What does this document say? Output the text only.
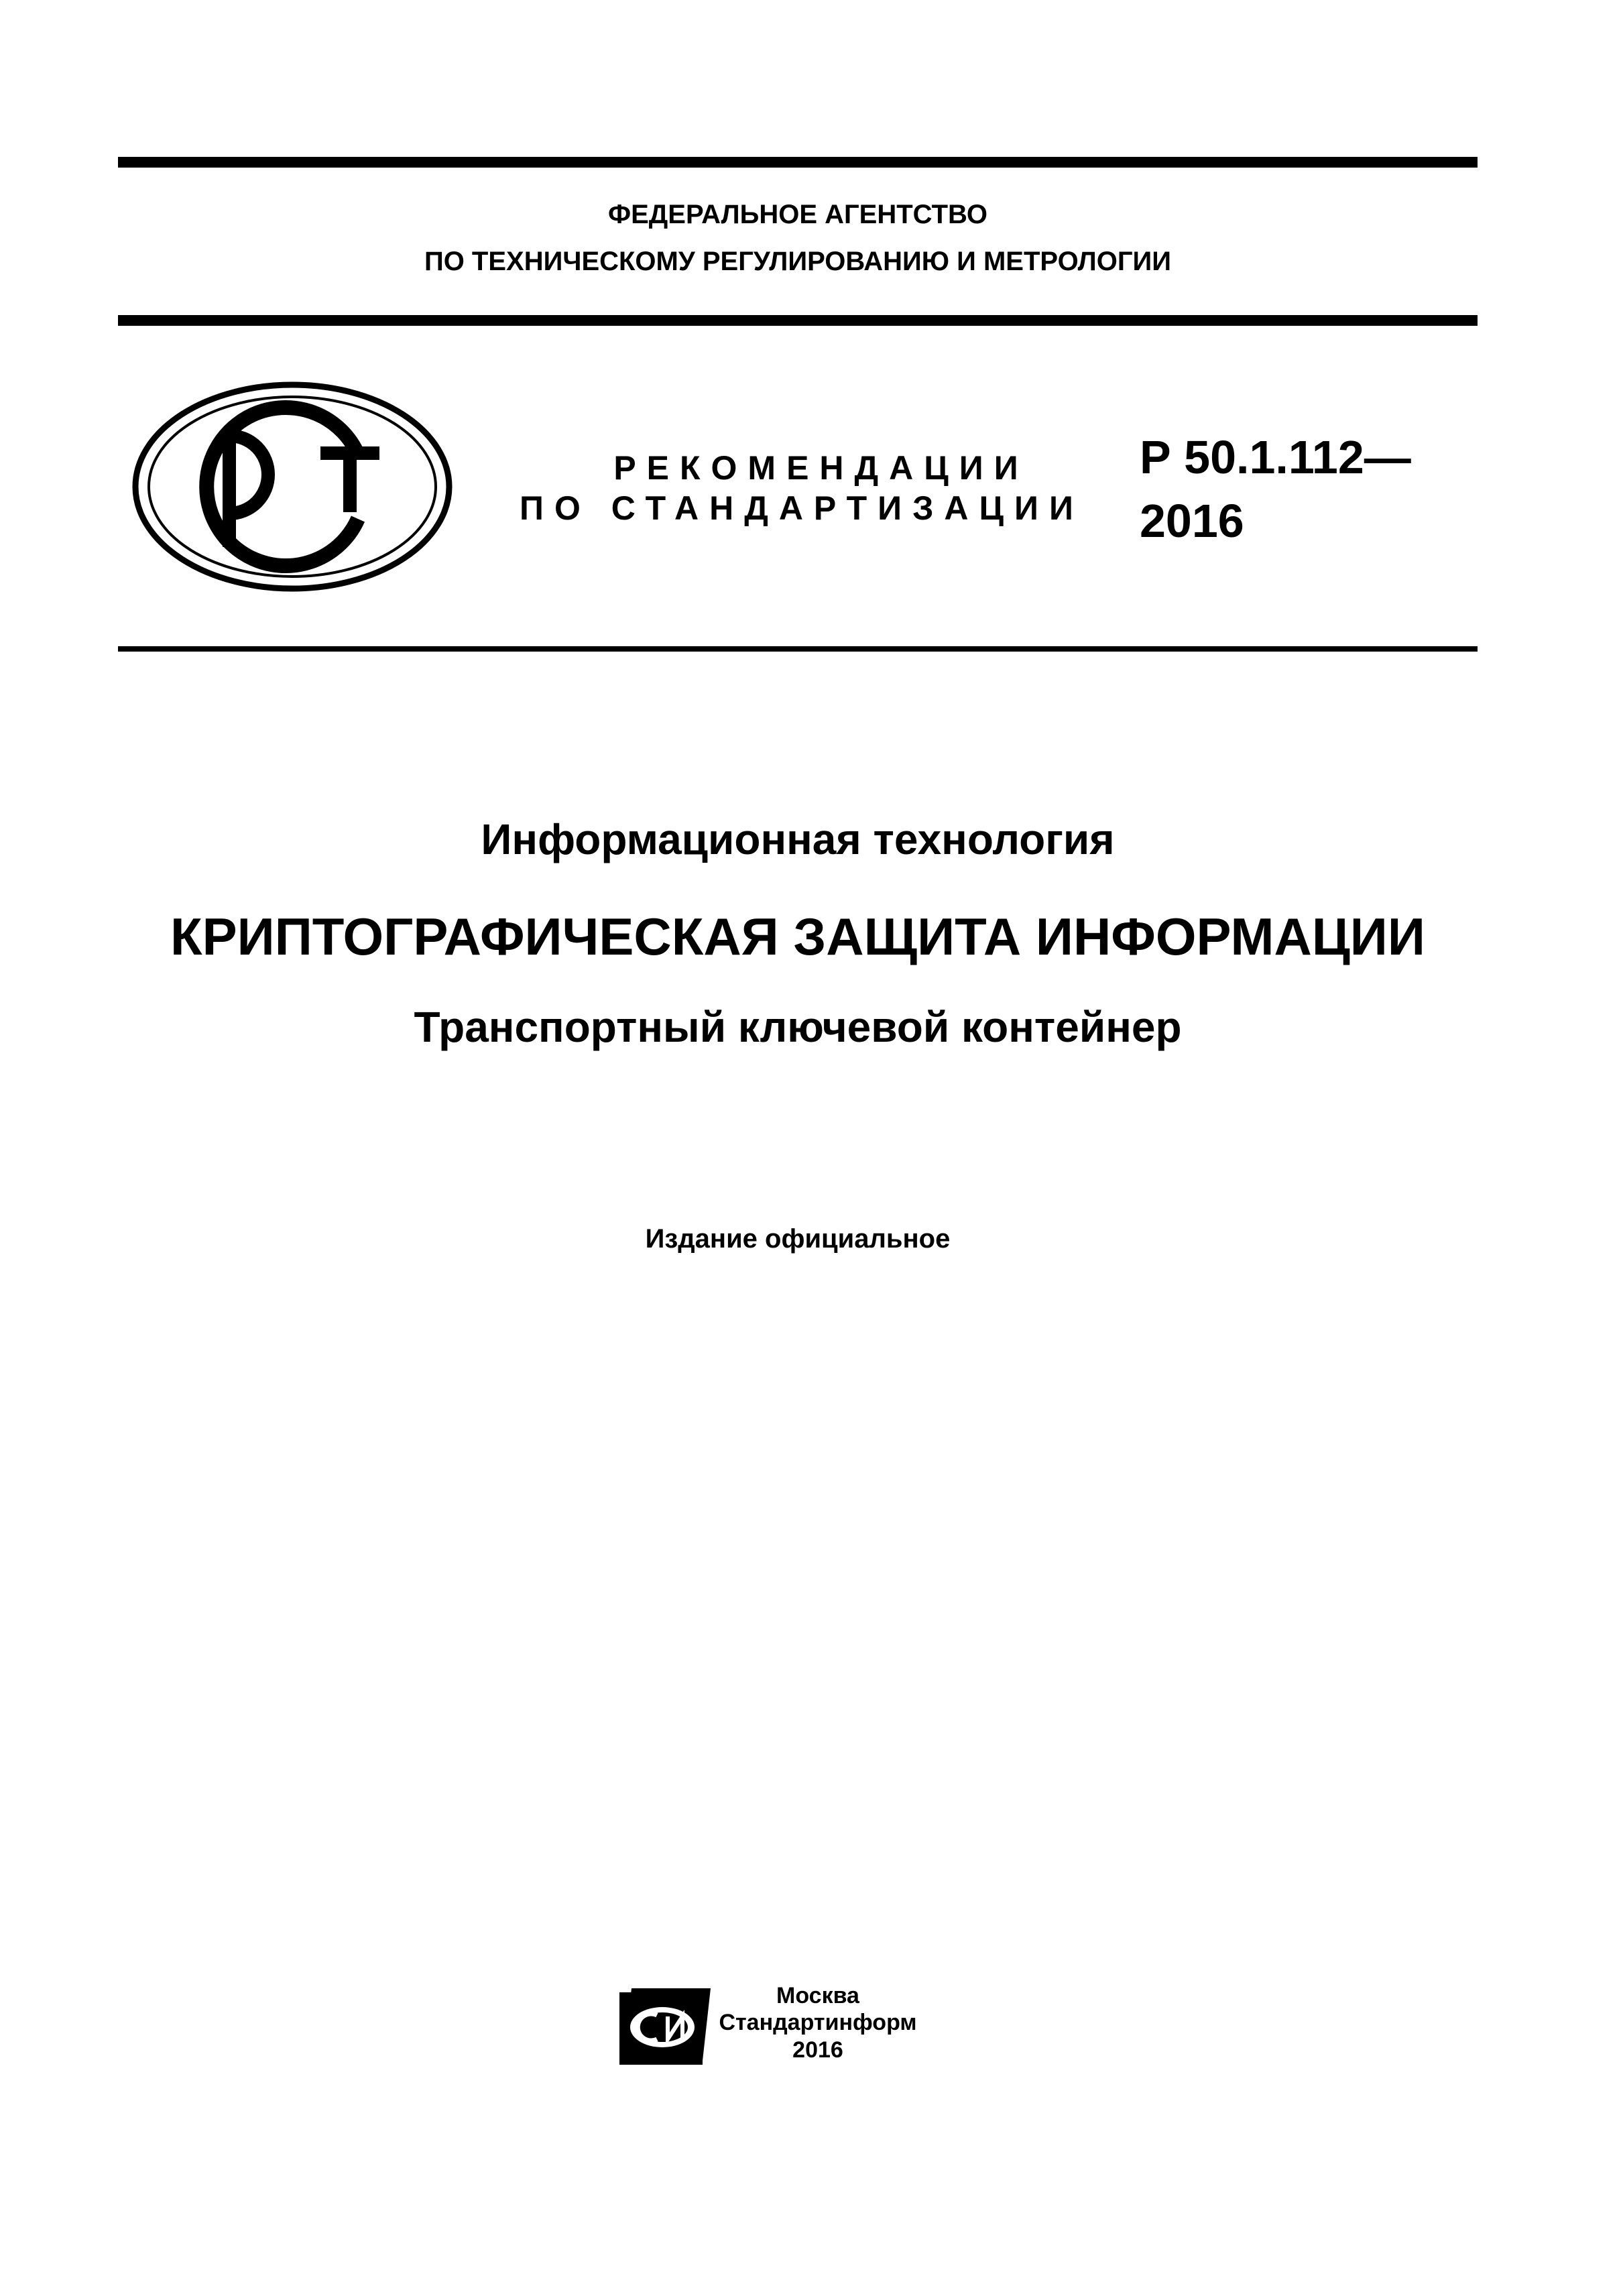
ФЕДЕРАЛЬНОЕ АГЕНТСТВО
ПО ТЕХНИЧЕСКОМУ РЕГУЛИРОВАНИЮ И МЕТРОЛОГИИ
РЕКОМЕНДАЦИИ
ПО СТАНДАРТИЗАЦИИ
Р 50.1.112—
2016
Информационная технология
КРИПТОГРАФИЧЕСКАЯ ЗАЩИТА ИНФОРМАЦИИ
Транспортный ключевой контейнер
Издание официальное
Москва
Стандартинформ
2016
